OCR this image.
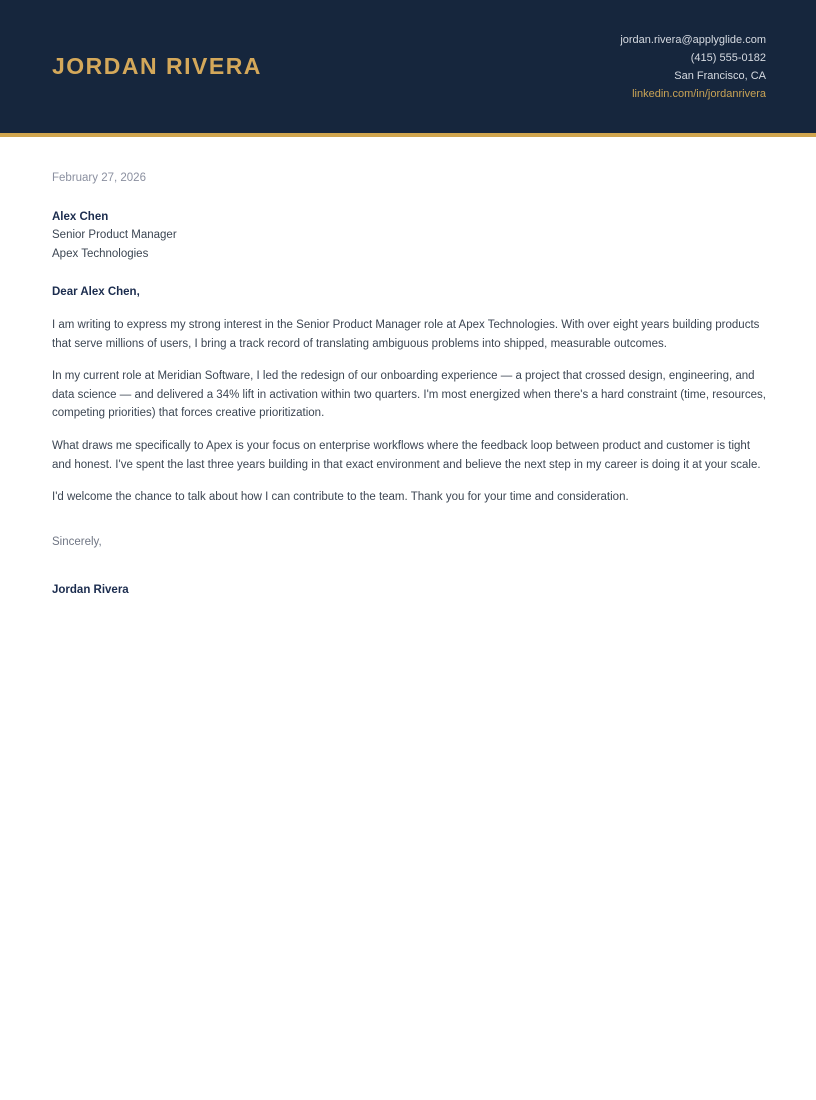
JORDAN RIVERA
jordan.rivera@applyglide.com
(415) 555-0182
San Francisco, CA
linkedin.com/in/jordanrivera

February 27, 2026

Alex Chen

Senior Product Manager

Apex Technologies

Dear Alex Chen,

I am writing to express my strong interest in the Senior Product Manager role at Apex Technologies. With over eight years building products that serve millions of users, I bring a track record of translating ambiguous problems into shipped, measurable outcomes.

In my current role at Meridian Software, I led the redesign of our onboarding experience — a project that crossed design, engineering, and data science — and delivered a 34% lift in activation within two quarters. I'm most energized when there's a hard constraint (time, resources, competing priorities) that forces creative prioritization.

What draws me specifically to Apex is your focus on enterprise workflows where the feedback loop between product and customer is tight and honest. I've spent the last three years building in that exact environment and believe the next step in my career is doing it at your scale.

I'd welcome the chance to talk about how I can contribute to the team. Thank you for your time and consideration.

Sincerely,

Jordan Rivera
